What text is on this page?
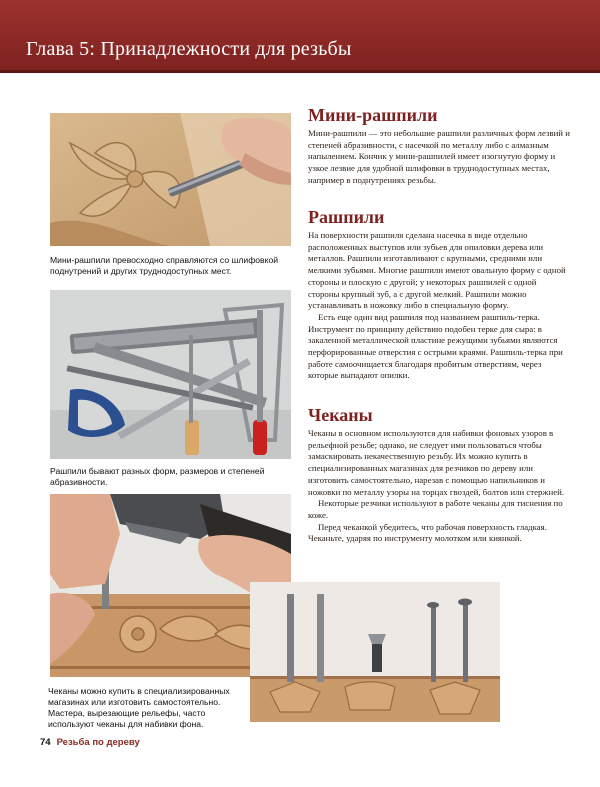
Глава 5: Принадлежности для резьбы
Мини-рашпили превосходно справляются со шлифовкой поднутрений и других труднодоступных мест.
Рашпили бывают разных форм, размеров и степеней абразивности.
Чеканы можно купить в специализированных магазинах или изготовить самостоятельно. Мастера, вырезающие рельефы, часто используют чеканы для набивки фона.
Мини-рашпили

Мини-рашпили — это небольшие рашпили различных форм лезвий и степеней абразивности, с насечкой по металлу либо с алмазным напылением. Кончик у мини-рашпилей имеет изогнутую форму и узкое лезвие для удобной шлифовки в труднодоступных местах, например в поднутрениях резьбы.

Рашпили

На поверхности рашпиля сделана насечка в виде отдельно расположенных выступов или зубьев для опиловки дерева или металлов. Рашпили изготавливают с крупными, средними или мелкими зубьями. Многие рашпили имеют овальную форму с одной стороны и плоскую с другой; у некоторых рашпилей с одной стороны крупный зуб, а с другой мелкий. Рашпили можно устанавливать в ножовку либо в специальную форму.

Есть еще один вид рашпиля под названием рашпиль-терка. Инструмент по принципу действию подобен терке для сыра: в закаленной металлической пластине режущими зубьями являются перфорированные отверстия с острыми краями. Рашпиль-терка при работе самоочищается благодаря пробитым отверстиям, через которые выпадают опилки.

Чеканы

Чеканы в основном используются для набивки фоновых узоров в рельефной резьбе; однако, не следует ими пользоваться чтобы замаскировать некачественную резьбу. Их можно купить в специализированных магазинах для резчиков по дереву или изготовить самостоятельно, нарезав с помощью напильников и ножовки по металлу узоры на торцах гвоздей, болтов или стержней.

Некоторые резчики используют в работе чеканы для тиснения по коже.

Перед чеканкой убедитесь, что рабочая поверхность гладкая. Чеканьте, ударяя по инструменту молотком или киянкой.

74 Резьба по дереву
